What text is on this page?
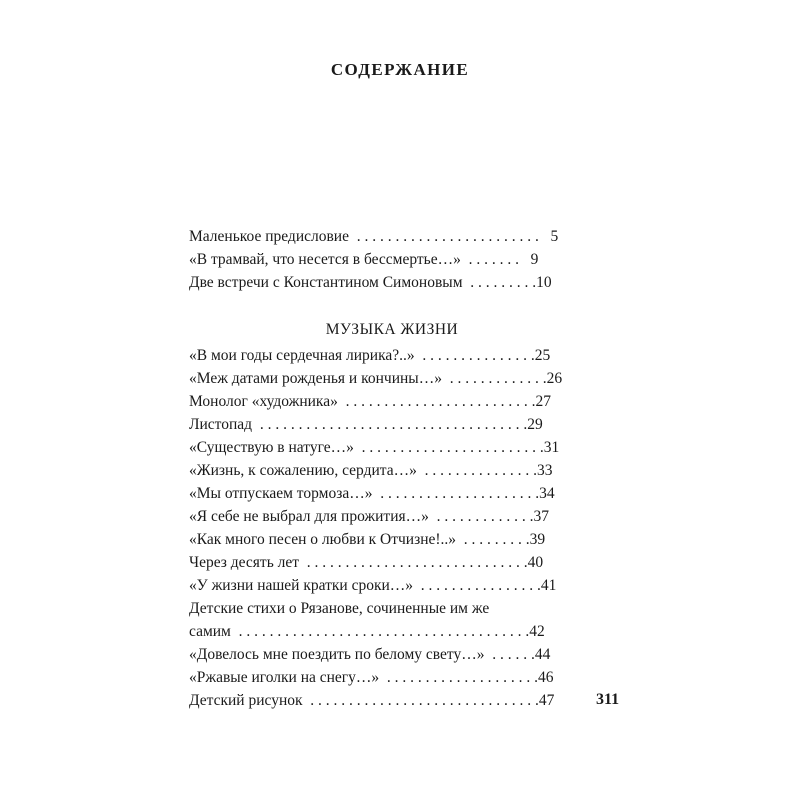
СОДЕРЖАНИЕ
Маленькое предисловие  . . . . . . . . . . . . . . . . . . . . . . . .   5
«В трамвай, что несется в бессмертье…»  . . . . . . .   9
Две встречи с Константином Симоновым  . . . . . . . . .10
МУЗЫКА ЖИЗНИ
«В мои годы сердечная лирика?..»  . . . . . . . . . . . . . . .25
«Меж датами рожденья и кончины…»  . . . . . . . . . . . . .26
Монолог «художника»  . . . . . . . . . . . . . . . . . . . . . . . . .27
Листопад  . . . . . . . . . . . . . . . . . . . . . . . . . . . . . . . . . . .29
«Существую в натуге…»  . . . . . . . . . . . . . . . . . . . . . . . .31
«Жизнь, к сожалению, сердита…»  . . . . . . . . . . . . . . .33
«Мы отпускаем тормоза…»  . . . . . . . . . . . . . . . . . . . . .34
«Я себе не выбрал для прожития…»  . . . . . . . . . . . . .37
«Как много песен о любви к Отчизне!..»  . . . . . . . . .39
Через десять лет  . . . . . . . . . . . . . . . . . . . . . . . . . . . . .40
«У жизни нашей кратки сроки…»  . . . . . . . . . . . . . . . .41
Детские стихи о Рязанове, сочиненные им же
самим  . . . . . . . . . . . . . . . . . . . . . . . . . . . . . . . . . . . . . .42
«Довелось мне поездить по белому свету…»  . . . . . .44
«Ржавые иголки на снегу…»  . . . . . . . . . . . . . . . . . . . .46
Детский рисунок  . . . . . . . . . . . . . . . . . . . . . . . . . . . . . .47	311
